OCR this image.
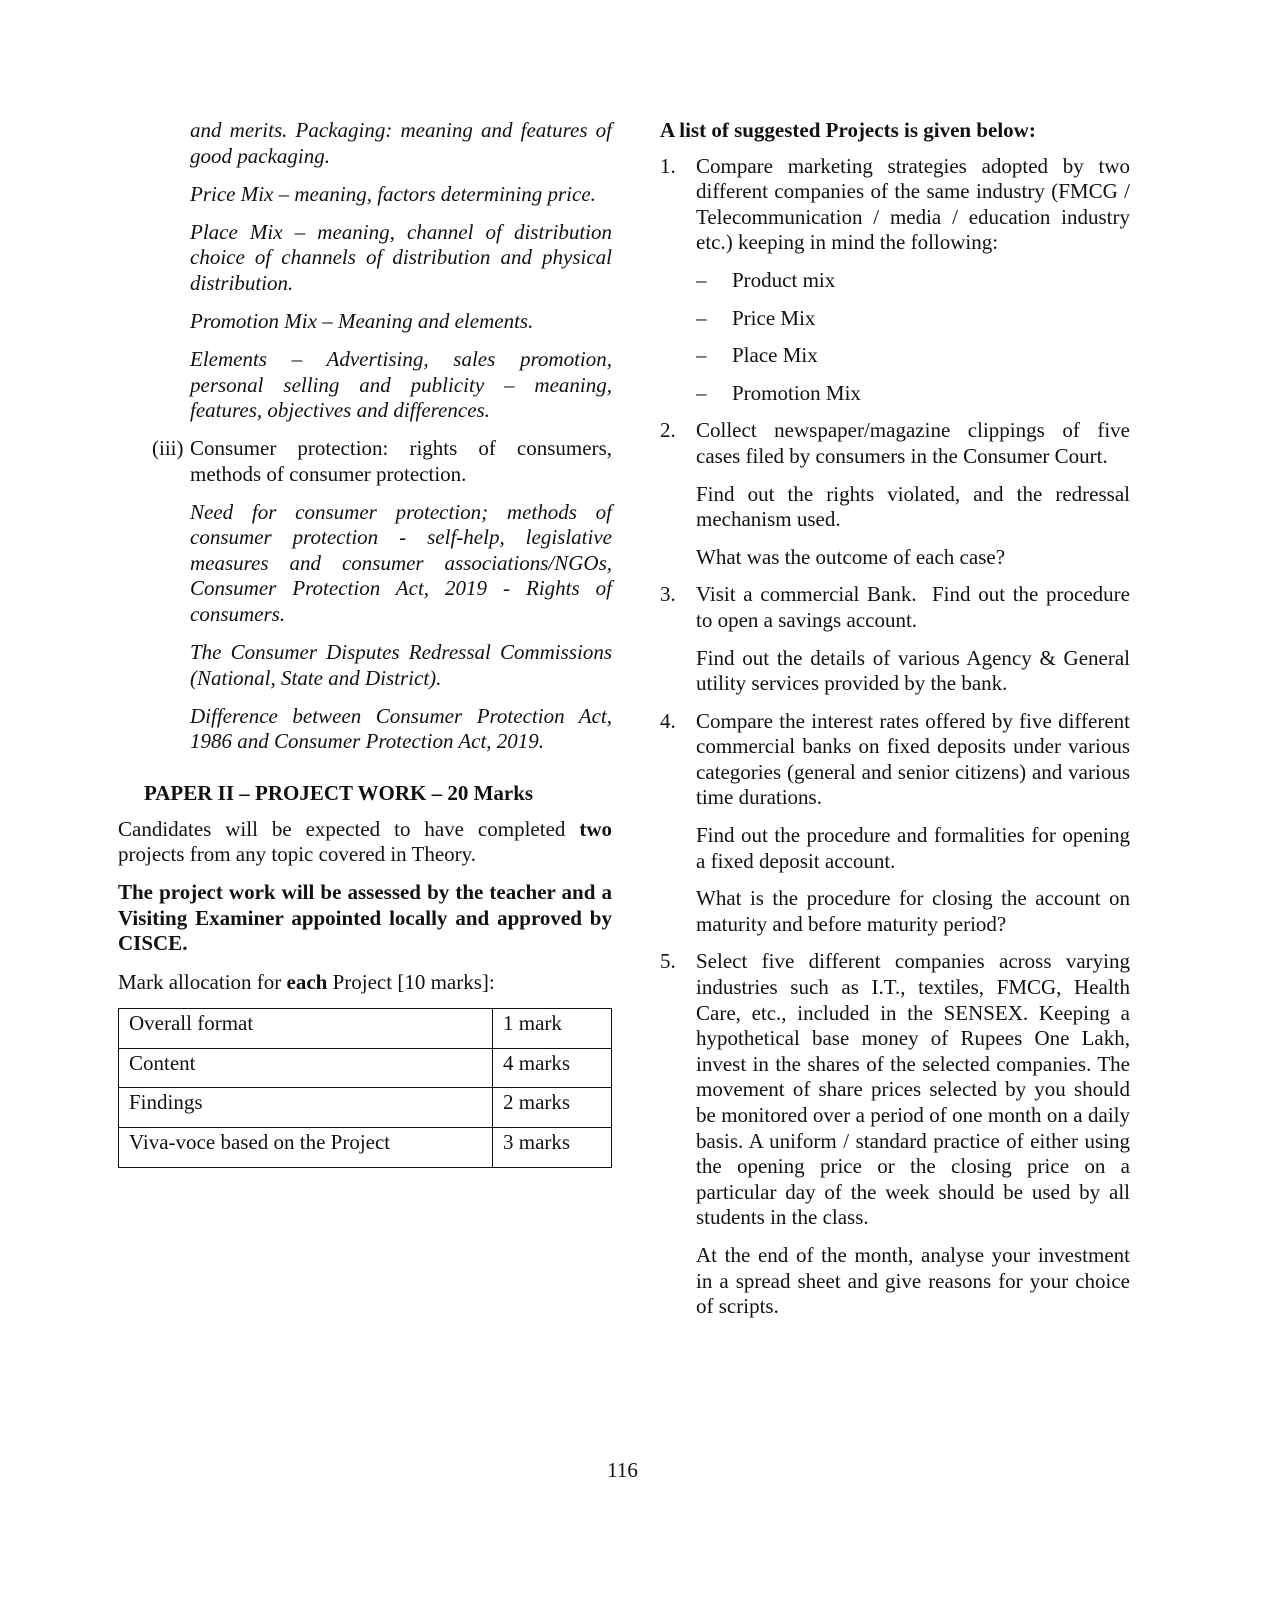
and merits. Packaging: meaning and features of good packaging.

Price Mix – meaning, factors determining price.

Place Mix – meaning, channel of distribution choice of channels of distribution and physical distribution.

Promotion Mix – Meaning and elements.

Elements – Advertising, sales promotion, personal selling and publicity – meaning, features, objectives and differences.

(iii) Consumer protection: rights of consumers, methods of consumer protection.

Need for consumer protection; methods of consumer protection - self-help, legislative measures and consumer associations/NGOs, Consumer Protection Act, 2019 - Rights of consumers.

The Consumer Disputes Redressal Commissions (National, State and District).

Difference between Consumer Protection Act, 1986 and Consumer Protection Act, 2019.

PAPER II – PROJECT WORK – 20 Marks

Candidates will be expected to have completed two projects from any topic covered in Theory.

The project work will be assessed by the teacher and a Visiting Examiner appointed locally and approved by CISCE.

Mark allocation for each Project [10 marks]:

Overall format	1 mark
Content	4 marks
Findings	2 marks
Viva-voce based on the Project	3 marks

A list of suggested Projects is given below:

1. Compare marketing strategies adopted by two different companies of the same industry (FMCG / Telecommunication / media / education industry etc.) keeping in mind the following:

–	Product mix
–	Price Mix
–	Place Mix
–	Promotion Mix
2. Collect newspaper/magazine clippings of five cases filed by consumers in the Consumer Court.

Find out the rights violated, and the redressal mechanism used.

What was the outcome of each case?

3. Visit a commercial Bank.  Find out the procedure to open a savings account.

Find out the details of various Agency & General utility services provided by the bank.

4. Compare the interest rates offered by five different commercial banks on fixed deposits under various categories (general and senior citizens) and various time durations.

Find out the procedure and formalities for opening a fixed deposit account.

What is the procedure for closing the account on maturity and before maturity period?

5. Select five different companies across varying industries such as I.T., textiles, FMCG, Health Care, etc., included in the SENSEX. Keeping a hypothetical base money of Rupees One Lakh, invest in the shares of the selected companies. The movement of share prices selected by you should be monitored over a period of one month on a daily basis. A uniform / standard practice of either using the opening price or the closing price on a particular day of the week should be used by all students in the class.

At the end of the month, analyse your investment in a spread sheet and give reasons for your choice of scripts.

116
